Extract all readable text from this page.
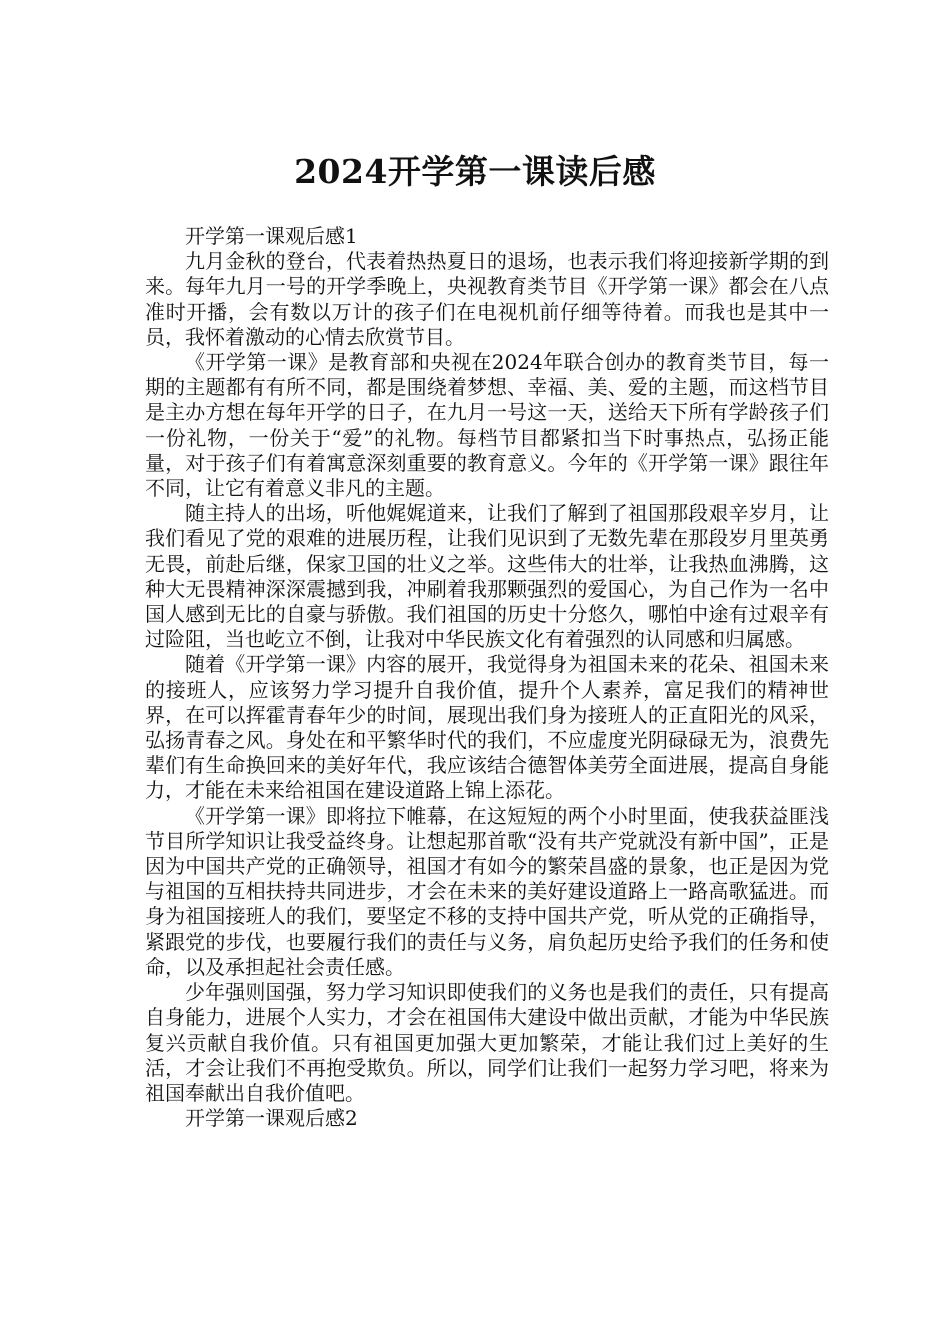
2024开学第一课读后感

开学第一课观后感1

九月金秋的登台，代表着热热夏日的退场，也表示我们将迎接新学期的到来。每年九月一号的开学季晚上，央视教育类节目《开学第一课》都会在八点准时开播，会有数以万计的孩子们在电视机前仔细等待着。而我也是其中一员，我怀着激动的心情去欣赏节目。

《开学第一课》是教育部和央视在2024年联合创办的教育类节目，每一期的主题都有有所不同，都是围绕着梦想、幸福、美、爱的主题，而这档节目是主办方想在每年开学的日子，在九月一号这一天，送给天下所有学龄孩子们一份礼物，一份关于“爱”的礼物。每档节目都紧扣当下时事热点，弘扬正能量，对于孩子们有着寓意深刻重要的教育意义。今年的《开学第一课》跟往年不同，让它有着意义非凡的主题。

随主持人的出场，听他娓娓道来，让我们了解到了祖国那段艰辛岁月，让我们看见了党的艰难的进展历程，让我们见识到了无数先辈在那段岁月里英勇无畏，前赴后继，保家卫国的壮义之举。这些伟大的壮举，让我热血沸腾，这种大无畏精神深深震撼到我，冲刷着我那颗强烈的爱国心，为自己作为一名中国人感到无比的自豪与骄傲。我们祖国的历史十分悠久，哪怕中途有过艰辛有过险阻，当也屹立不倒，让我对中华民族文化有着强烈的认同感和归属感。

随着《开学第一课》内容的展开，我觉得身为祖国未来的花朵、祖国未来的接班人，应该努力学习提升自我价值，提升个人素养，富足我们的精神世界，在可以挥霍青春年少的时间，展现出我们身为接班人的正直阳光的风采，弘扬青春之风。身处在和平繁华时代的我们，不应虚度光阴碌碌无为，浪费先辈们有生命换回来的美好年代，我应该结合德智体美劳全面进展，提高自身能力，才能在未来给祖国在建设道路上锦上添花。

《开学第一课》即将拉下帷幕，在这短短的两个小时里面，使我获益匪浅节目所学知识让我受益终身。让想起那首歌“没有共产党就没有新中国”，正是因为中国共产党的正确领导，祖国才有如今的繁荣昌盛的景象，也正是因为党与祖国的互相扶持共同进步，才会在未来的美好建设道路上一路高歌猛进。而身为祖国接班人的我们，要坚定不移的支持中国共产党，听从党的正确指导，紧跟党的步伐，也要履行我们的责任与义务，肩负起历史给予我们的任务和使命，以及承担起社会责任感。

少年强则国强，努力学习知识即使我们的义务也是我们的责任，只有提高自身能力，进展个人实力，才会在祖国伟大建设中做出贡献，才能为中华民族复兴贡献自我价值。只有祖国更加强大更加繁荣，才能让我们过上美好的生活，才会让我们不再抱受欺负。所以，同学们让我们一起努力学习吧，将来为祖国奉献出自我价值吧。

开学第一课观后感2
